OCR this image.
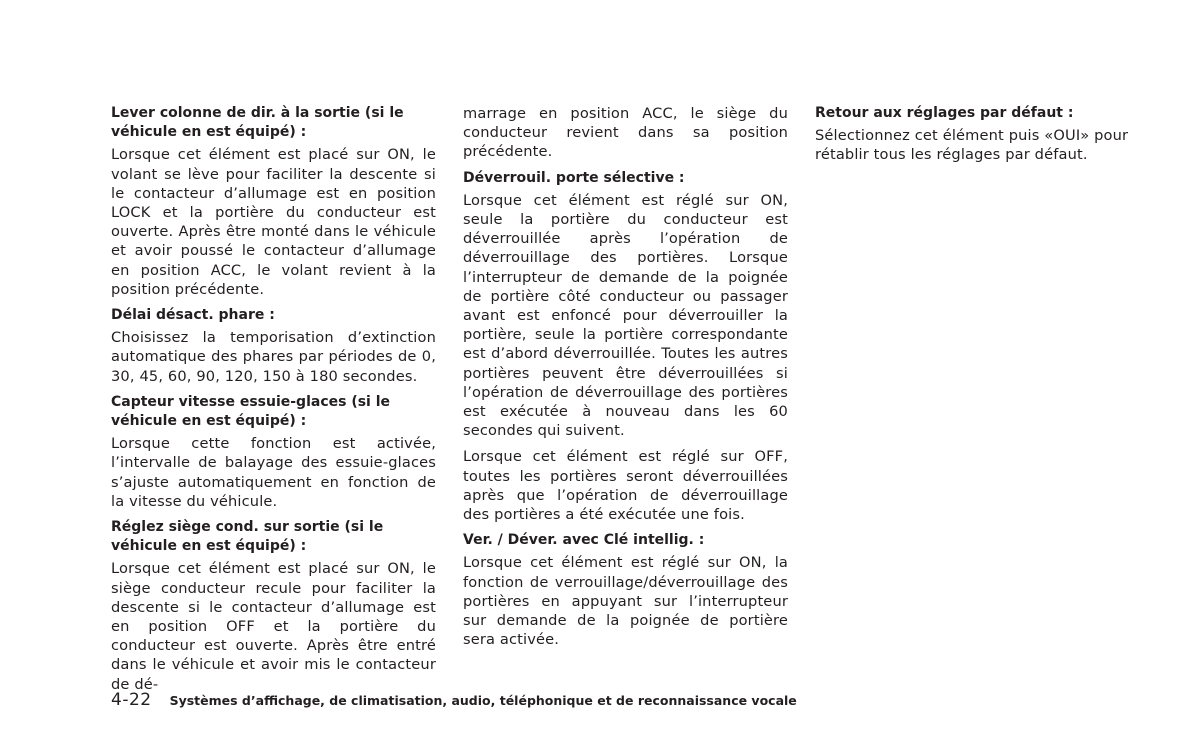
Lever colonne de dir. à la sortie (si le véhicule en est équipé) :
Lorsque cet élément est placé sur ON, le volant se lève pour faciliter la descente si le contacteur d’allumage est en position LOCK et la portière du conducteur est ouverte. Après être monté dans le véhicule et avoir poussé le contacteur d’allumage en position ACC, le volant revient à la position précédente.
Délai désact. phare :
Choisissez la temporisation d’extinction automatique des phares par périodes de 0, 30, 45, 60, 90, 120, 150 à 180 secondes.
Capteur vitesse essuie-glaces (si le véhicule en est équipé) :
Lorsque cette fonction est activée, l’intervalle de balayage des essuie-glaces s’ajuste automatiquement en fonction de la vitesse du véhicule.
Réglez siège cond. sur sortie (si le véhicule en est équipé) :
Lorsque cet élément est placé sur ON, le siège conducteur recule pour faciliter la descente si le contacteur d’allumage est en position OFF et la portière du conducteur est ouverte. Après être entré dans le véhicule et avoir mis le contacteur de dé-
marrage en position ACC, le siège du conducteur revient dans sa position précédente.
Déverrouil. porte sélective :
Lorsque cet élément est réglé sur ON, seule la portière du conducteur est déverrouillée après l’opération de déverrouillage des portières. Lorsque l’interrupteur de demande de la poignée de portière côté conducteur ou passager avant est enfoncé pour déverrouiller la portière, seule la portière correspondante est d’abord déverrouillée. Toutes les autres portières peuvent être déverrouillées si l’opération de déverrouillage des portières est exécutée à nouveau dans les 60 secondes qui suivent.
Lorsque cet élément est réglé sur OFF, toutes les portières seront déverrouillées après que l’opération de déverrouillage des portières a été exécutée une fois.
Ver. / Déver. avec Clé intellig. :
Lorsque cet élément est réglé sur ON, la fonction de verrouillage/déverrouillage des portières en appuyant sur l’interrupteur sur demande de la poignée de portière sera activée.
Retour aux réglages par défaut :
Sélectionnez cet élément puis «OUI» pour rétablir tous les réglages par défaut.
4-22 Systèmes d’affichage, de climatisation, audio, téléphonique et de reconnaissance vocale
